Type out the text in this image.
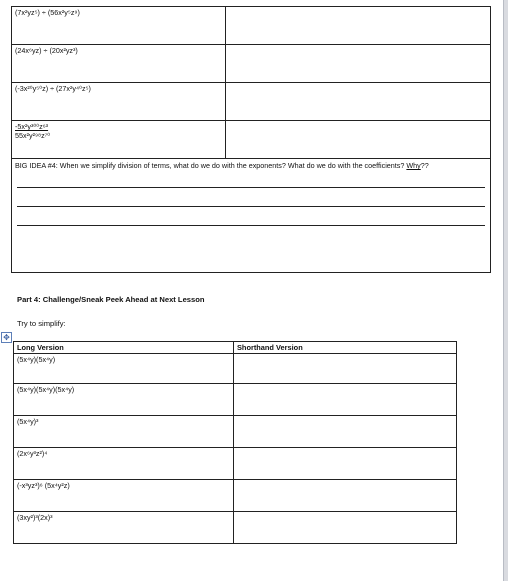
(7x²yz⁵) ÷ (56x²y⁵z⁹)	
(24x⁶yz) ÷ (20x²yz³)	
(-3x²⁰y⁵⁰z) ÷ (27x²y⁴⁰z⁵)	

-5x²y³⁰⁰z⁶³
55x²y²⁹⁸z⁷⁰	

BIG IDEA #4: When we simplify division of terms, what do we do with the exponents? What do we do with the coefficients? Why??	
Part 4: Challenge/Sneak Peek Ahead at Next Lesson
Try to simplify:
✥
Long Version	Shorthand Version
(5x⁴y)(5x⁴y)	
(5x⁴y)(5x⁴y)(5x⁴y)	
(5x⁴y)³	
(2x⁶y³z²)⁴	
(-x³yz³)⁶ (5x⁴y²z)	
(3xy²)³(2x)³	
